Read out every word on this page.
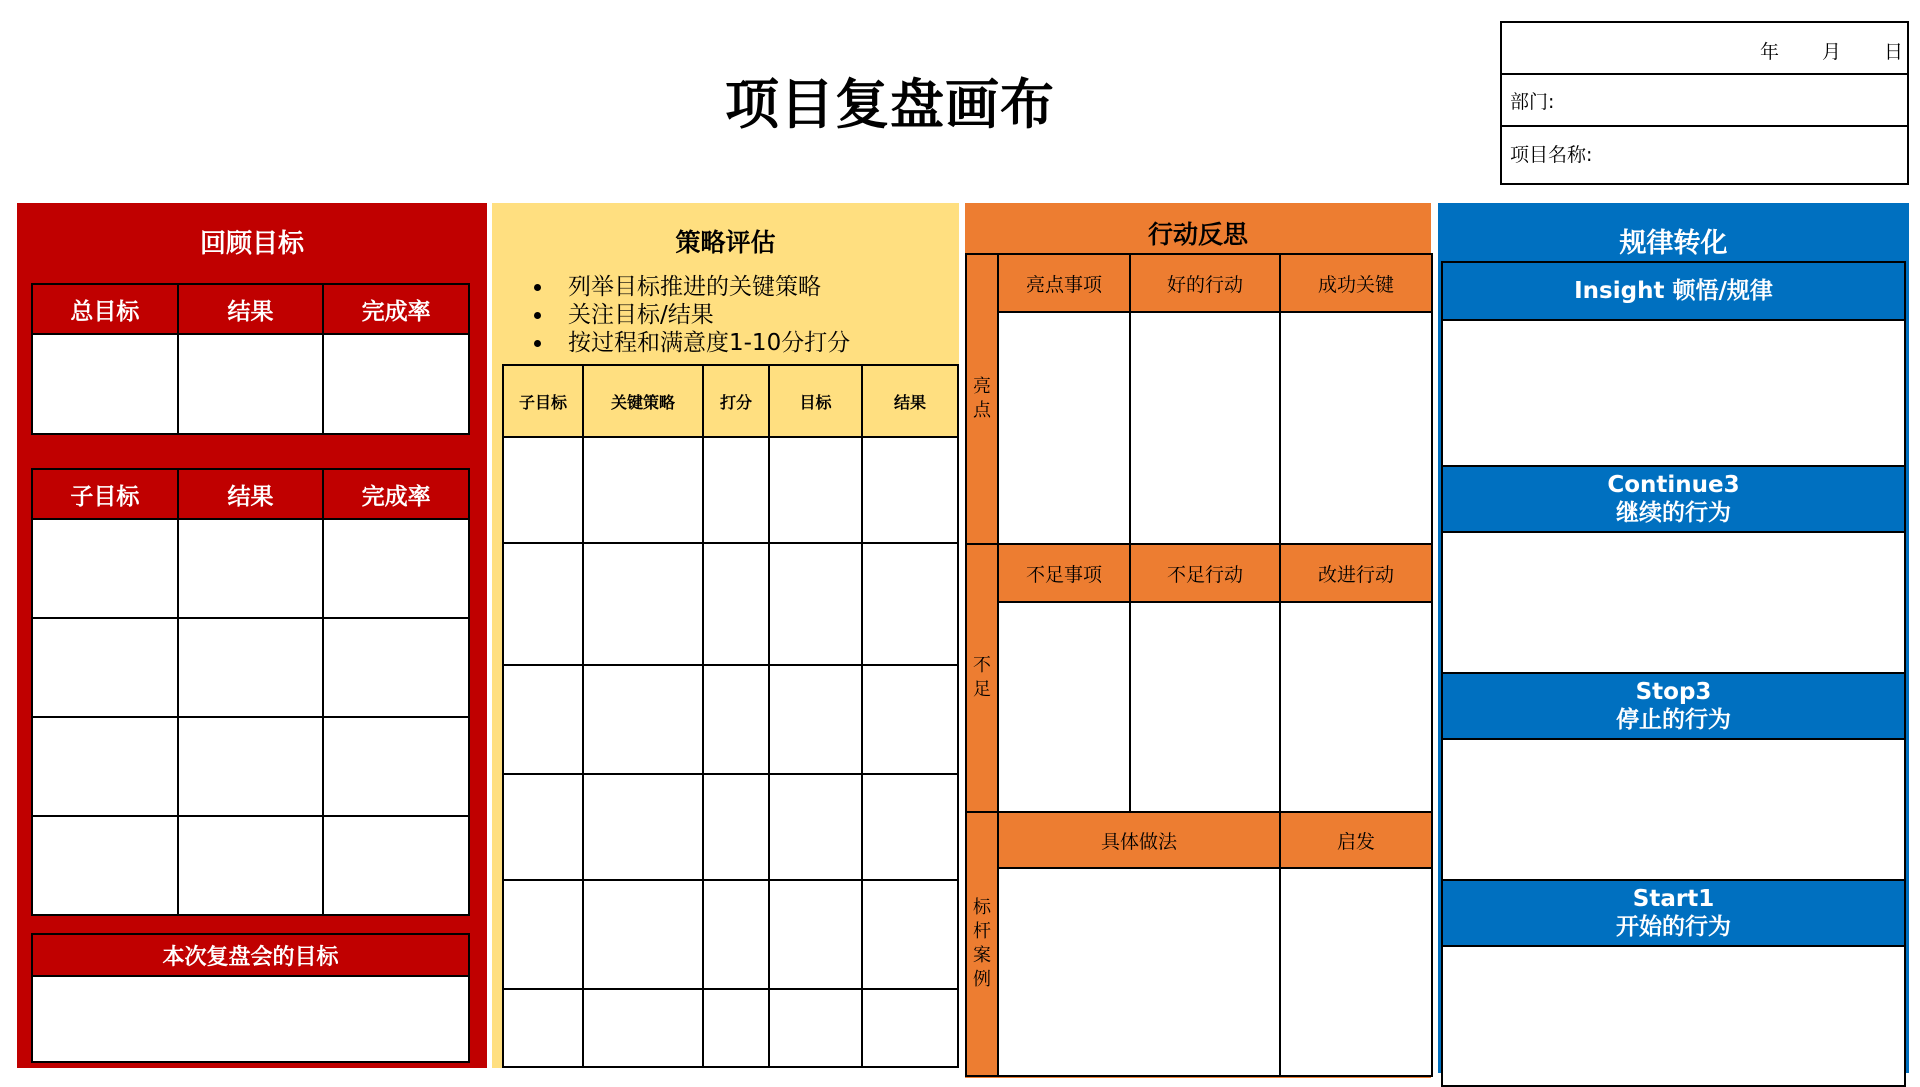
项目复盘画布
年 月 日
部门:
项目名称:
回顾目标
总目标	结果	完成率

子目标	结果	完成率

本次复盘会的目标

策略评估
• 列举目标推进的关键策略
• 关注目标/结果
• 按过程和满意度1-10分打分
子目标	关键策略	打分	目标	结果

行动反思
亮点	亮点事项	好的行动	成功关键

不足	不足事项	不足行动	改进行动

标杆案例	具体做法		启发

规律转化
Insight 顿悟/规律

Continue3
继续的行为

Stop3
停止的行为

Start1
开始的行为
